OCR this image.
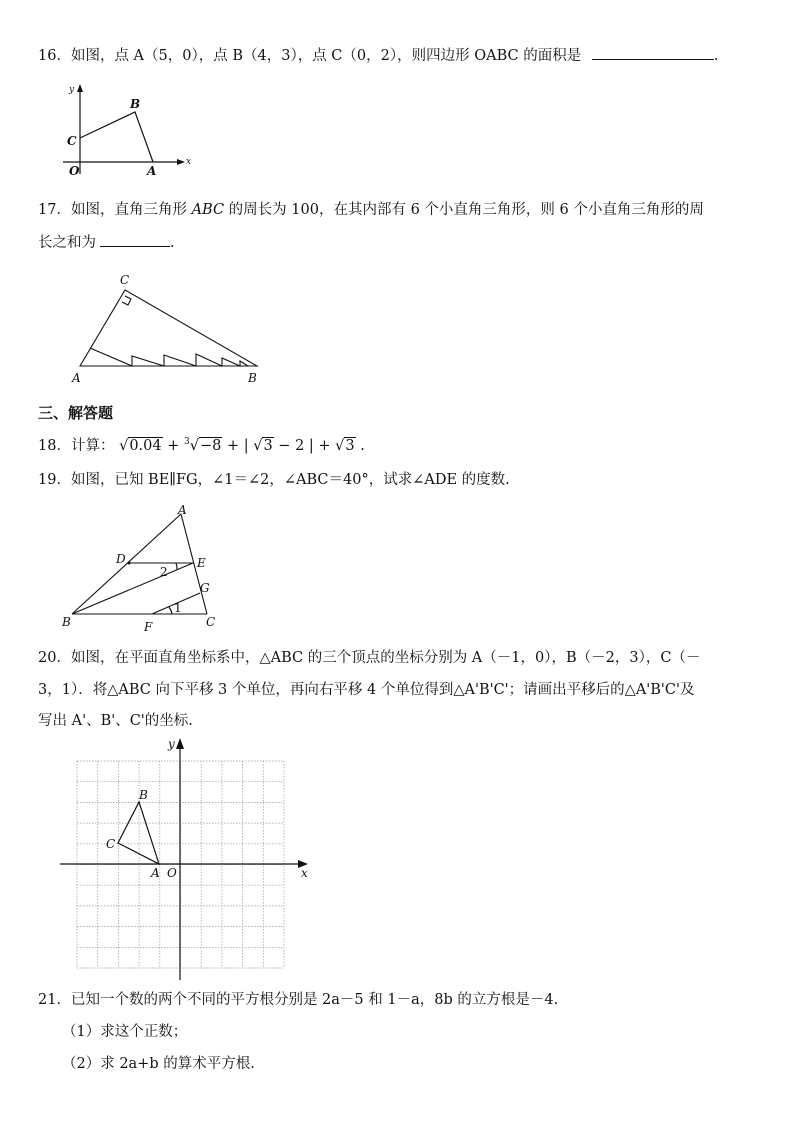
16．如图，点 A（5，0），点 B（4，3），点 C（0，2），则四边形 OABC 的面积是	.
y
x
B
C
O	A
17．如图，直角三角形 ABC 的周长为 100，在其内部有 6 个小直角三角形，则 6 个小直角三角形的周
长之和为	.
C
A	B
三、解答题
18．计算： √0.04 + $^3$√−8 + | √3 − 2 | + √3 .
19．如图，已知 BE∥FG，∠1＝∠2，∠ABC＝40°，试求∠ADE 的度数.
A
D	E
G
B	F	C
1
2
20．如图，在平面直角坐标系中，△ABC 的三个顶点的坐标分别为 A（－1，0），B（－2，3），C（－
3，1）．将△ABC 向下平移 3 个单位，再向右平移 4 个单位得到△A'B'C'；请画出平移后的△A'B'C'及
写出 A'、B'、C'的坐标.
y
x
B
C
A O
21．已知一个数的两个不同的平方根分别是 2a－5 和 1－a，8b 的立方根是－4.
（1）求这个正数；
（2）求 2a+b 的算术平方根.
